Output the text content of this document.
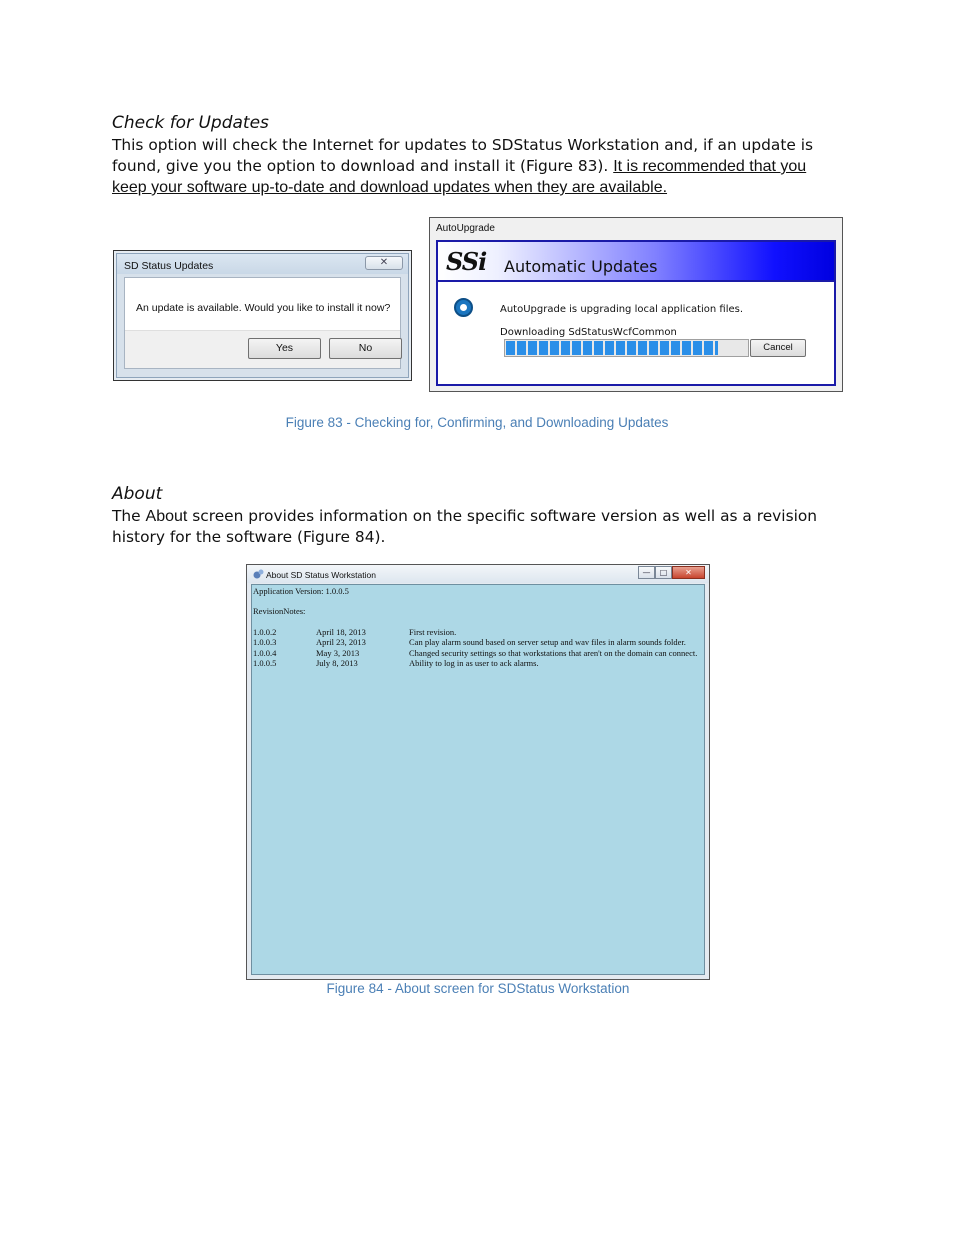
Check for Updates
This option will check the Internet for updates to SDStatus Workstation and, if an update is found, give you the option to download and install it (Figure 83). It is recommended that you keep your software up-to-date and download updates when they are available.
SD Status Updates	✕
An update is available. Would you like to install it now?
Yes	No
AutoUpgrade
SSi Automatic Updates
AutoUpgrade is upgrading local application files.
Downloading SdStatusWcfCommon
Cancel
Figure 83 - Checking for, Confirming, and Downloading Updates
About
The About screen provides information on the specific software version as well as a revision history for the software (Figure 84).
About SD Status Workstation	—	□	✕
Application Version: 1.0.0.5
RevisionNotes:
1.0.0.2	April 18, 2013	First revision.
1.0.0.3	April 23, 2013	Can play alarm sound based on server setup and wav files in alarm sounds folder.
1.0.0.4	May 3, 2013	Changed security settings so that workstations that aren't on the domain can connect.
1.0.0.5	July 8, 2013	Ability to log in as user to ack alarms.
Figure 84 - About screen for SDStatus Workstation
